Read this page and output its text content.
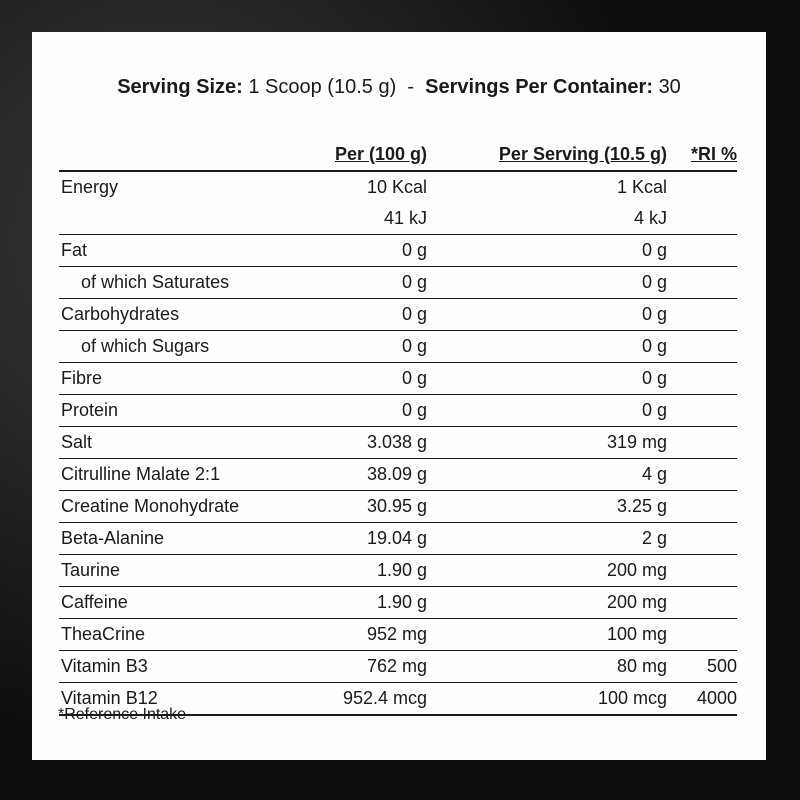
Serving Size: 1 Scoop (10.5 g) - Servings Per Container: 30
	Per (100 g)	Per Serving (10.5 g)	*RI %
Energy	10 Kcal	1 Kcal	
	41 kJ	4 kJ	
Fat	0 g	0 g	
of which Saturates	0 g	0 g	
Carbohydrates	0 g	0 g	
of which Sugars	0 g	0 g	
Fibre	0 g	0 g	
Protein	0 g	0 g	
Salt	3.038 g	319 mg	
Citrulline Malate 2:1	38.09 g	4 g	
Creatine Monohydrate	30.95 g	3.25 g	
Beta-Alanine	19.04 g	2 g	
Taurine	1.90 g	200 mg	
Caffeine	1.90 g	200 mg	
TheaCrine	952 mg	100 mg	
Vitamin B3	762 mg	80 mg	500
Vitamin B12	952.4 mcg	100 mcg	4000
*Reference Intake
